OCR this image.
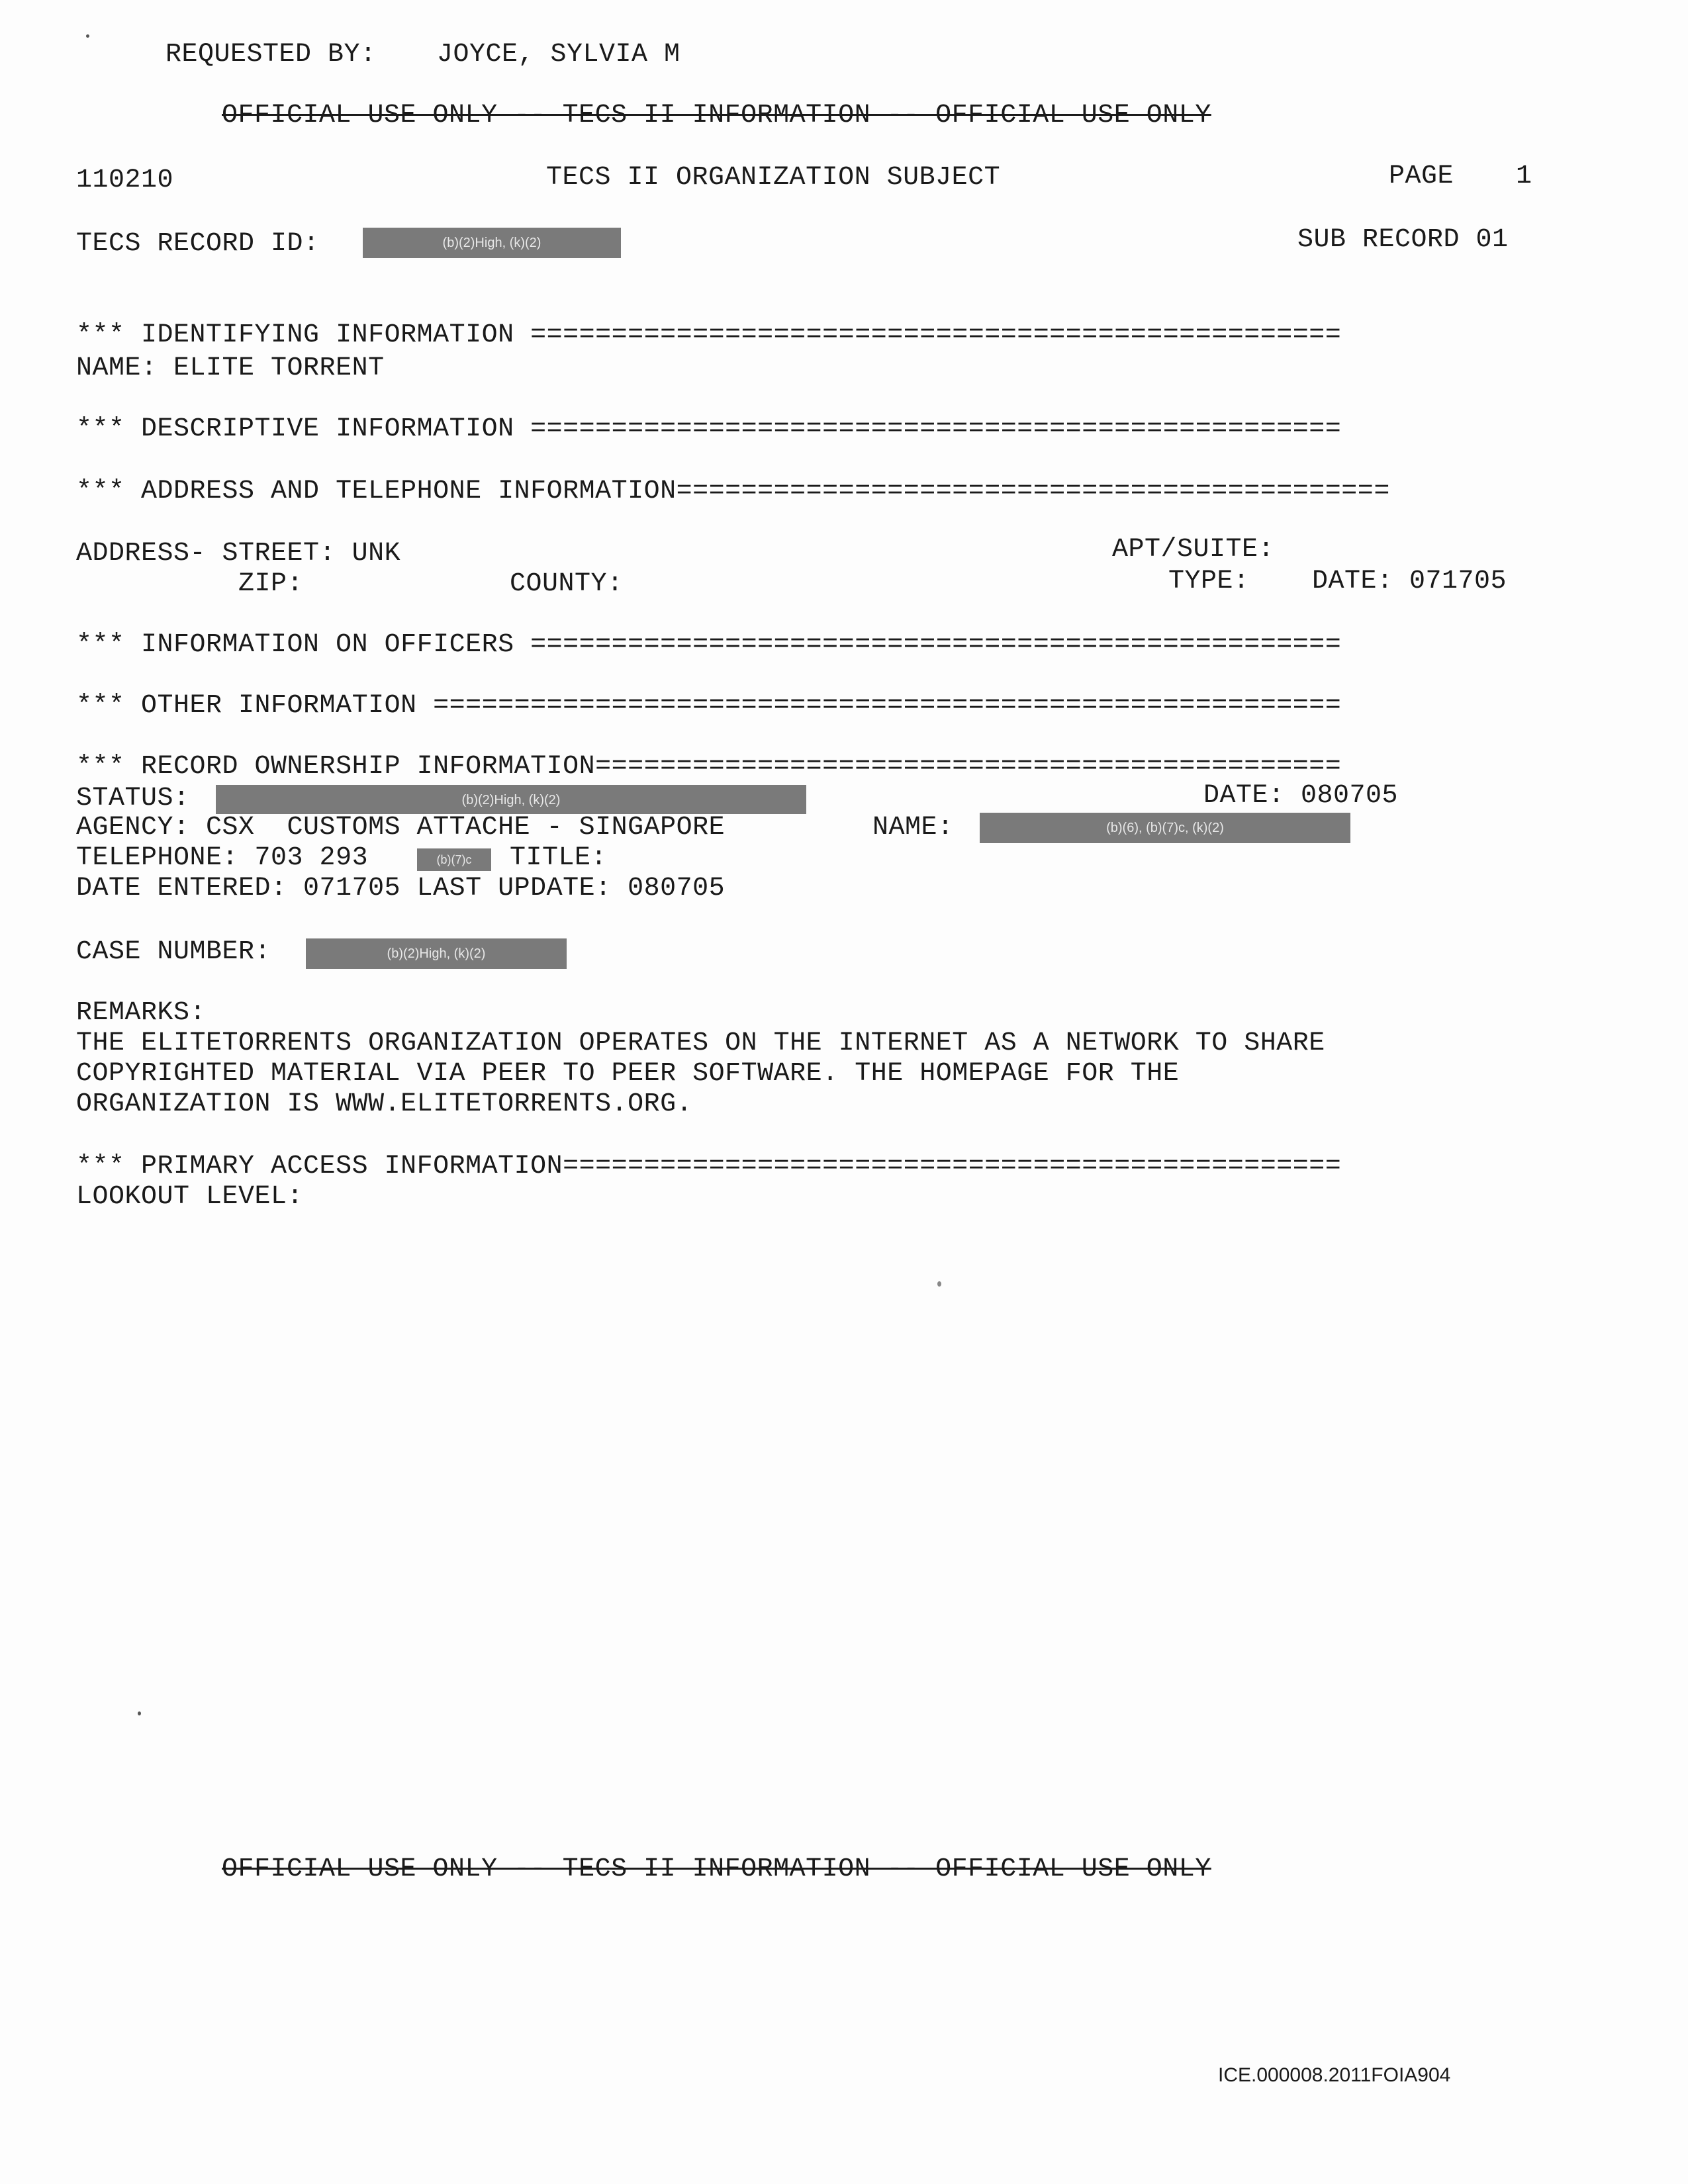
REQUESTED BY: JOYCE, SYLVIA M
OFFICIAL USE ONLY -- TECS II INFORMATION -- OFFICIAL USE ONLY
110210	TECS II ORGANIZATION SUBJECT	PAGE 1
TECS RECORD ID:	(b)(2)High, (k)(2)	SUB RECORD 01
*** IDENTIFYING INFORMATION ==================================================
NAME: ELITE TORRENT
*** DESCRIPTIVE INFORMATION ==================================================
*** ADDRESS AND TELEPHONE INFORMATION============================================
ADDRESS- STREET: UNK	APT/SUITE:
ZIP:	COUNTY:	TYPE: DATE: 071705
*** INFORMATION ON OFFICERS ==================================================
*** OTHER INFORMATION ========================================================
*** RECORD OWNERSHIP INFORMATION==============================================
STATUS:	(b)(2)High, (k)(2)	DATE: 080705
AGENCY: CSX  CUSTOMS ATTACHE - SINGAPORE	NAME:	(b)(6), (b)(7)c, (k)(2)
TELEPHONE: 703 293	(b)(7)c	TITLE:
DATE ENTERED: 071705 LAST UPDATE: 080705
CASE NUMBER:	(b)(2)High, (k)(2)
REMARKS:
THE ELITETORRENTS ORGANIZATION OPERATES ON THE INTERNET AS A NETWORK TO SHARE
COPYRIGHTED MATERIAL VIA PEER TO PEER SOFTWARE. THE HOMEPAGE FOR THE
ORGANIZATION IS WWW.ELITETORRENTS.ORG.
*** PRIMARY ACCESS INFORMATION================================================
LOOKOUT LEVEL:
OFFICIAL USE ONLY -- TECS II INFORMATION -- OFFICIAL USE ONLY
ICE.000008.2011FOIA904
